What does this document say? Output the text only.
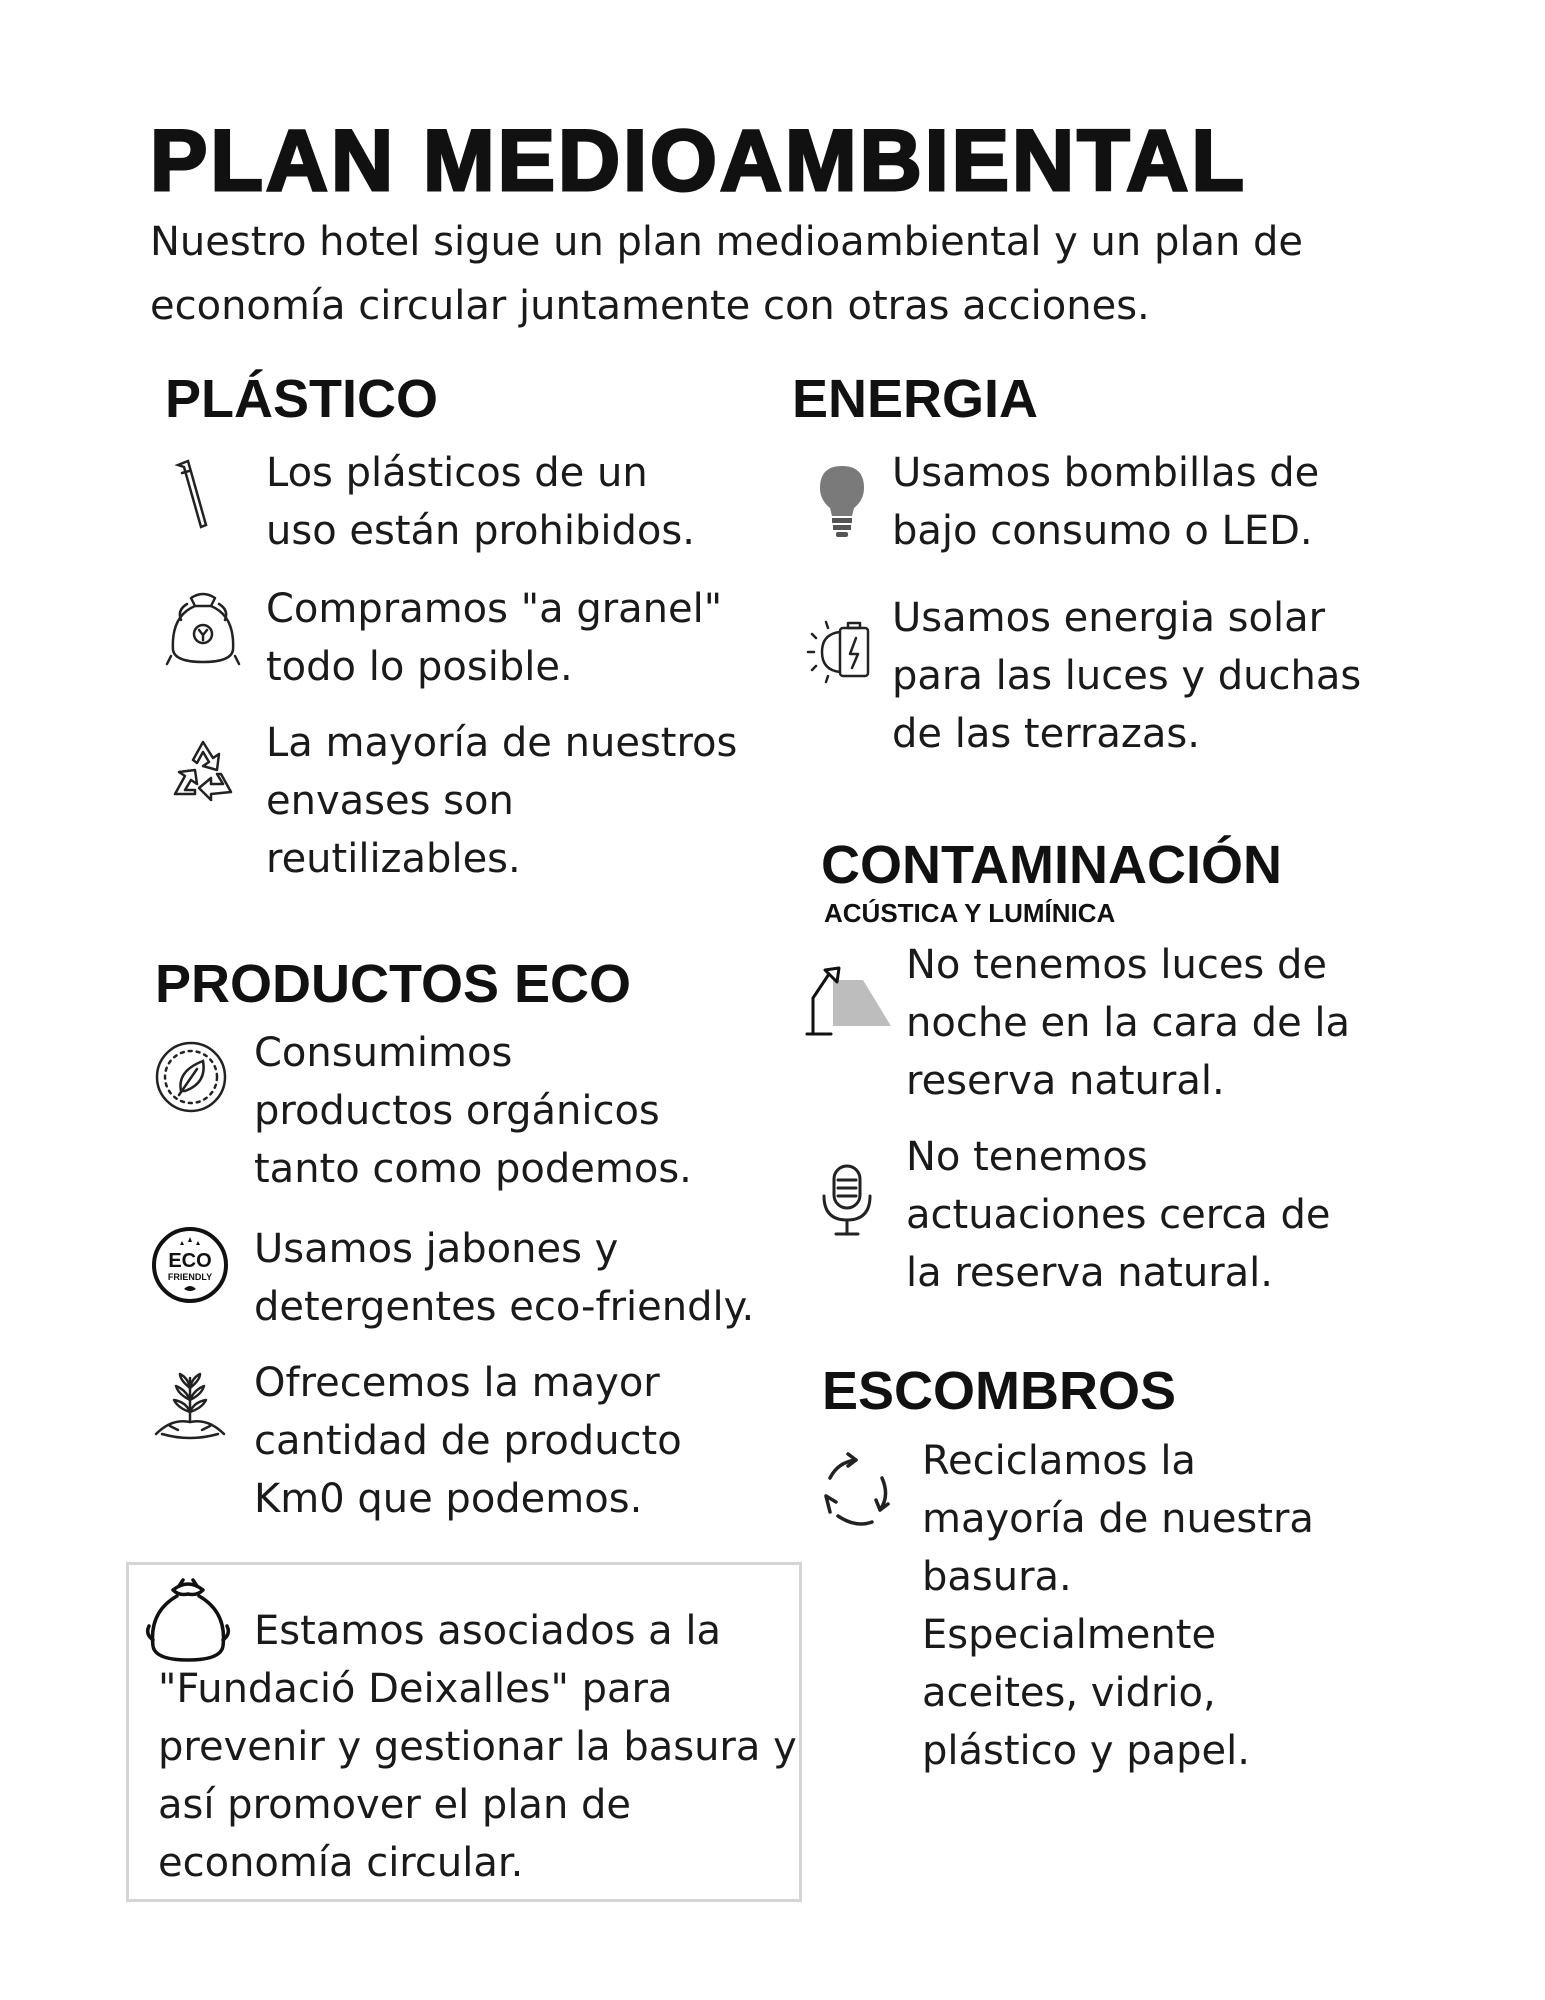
PLAN MEDIOAMBIENTAL

Nuestro hotel sigue un plan medioambiental y un plan de economía circular juntamente con otras acciones.

PLÁSTICO

Los plásticos de un
uso están prohibidos.

Compramos "a granel"
todo lo posible.

La mayoría de nuestros
envases son
reutilizables.

PRODUCTOS ECO

Consumimos
productos orgánicos
tanto como podemos.

ECO
FRIENDLY

Usamos jabones y
detergentes eco-friendly.

Ofrecemos la mayor
cantidad de producto
Km0 que podemos.

Estamos asociados a la
"Fundació Deixalles" para prevenir y gestionar la basura y así promover el plan de economía circular.

ENERGIA

Usamos bombillas de
bajo consumo o LED.

Usamos energia solar
para las luces y duchas
de las terrazas.

CONTAMINACIÓN

ACÚSTICA Y LUMÍNICA

No tenemos luces de
noche en la cara de la
reserva natural.

No tenemos
actuaciones cerca de
la reserva natural.

ESCOMBROS

Reciclamos la
mayoría de nuestra
basura.
Especialmente
aceites, vidrio,
plástico y papel.
